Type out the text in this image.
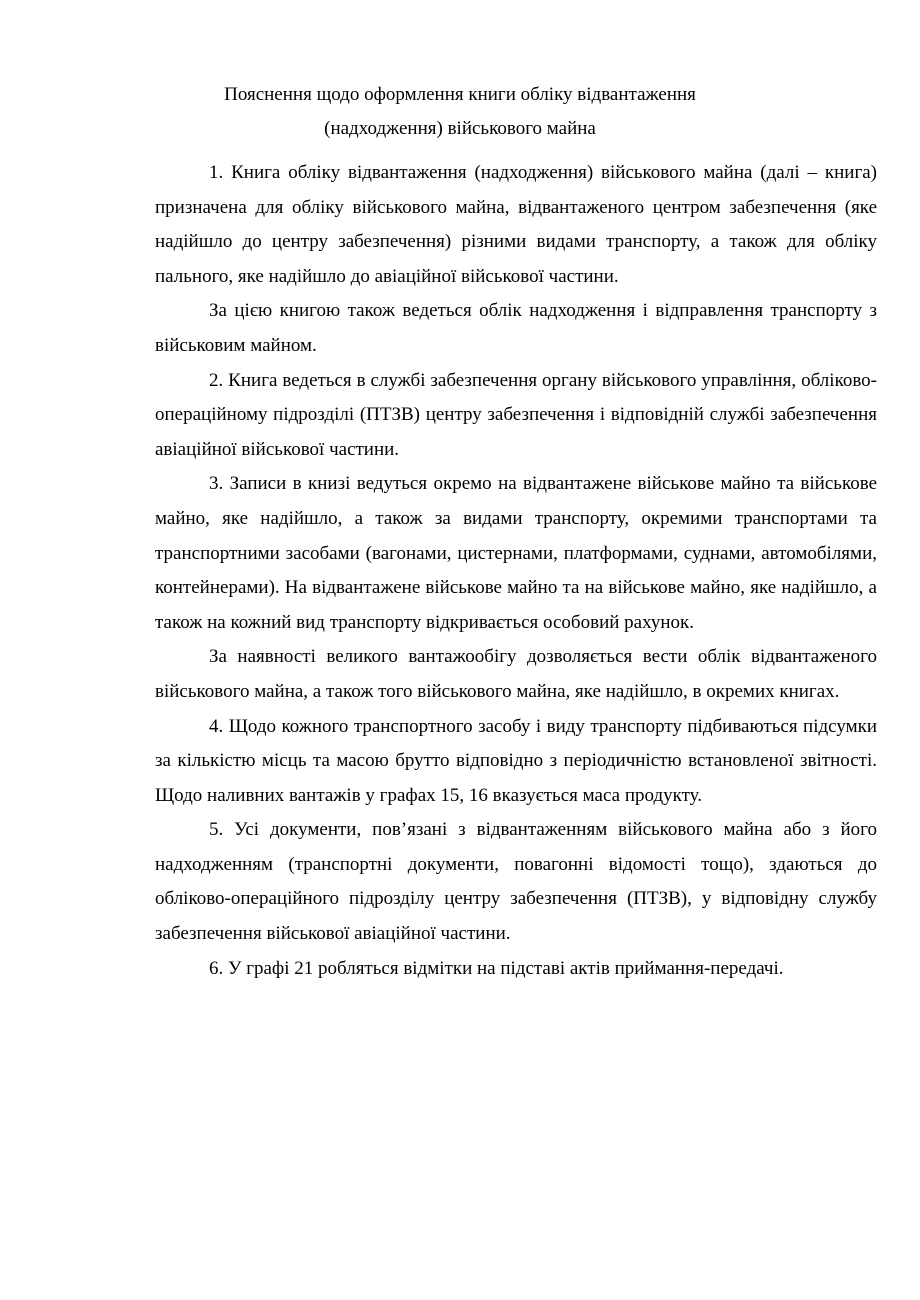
Пояснення щодо оформлення книги обліку відвантаження
(надходження) військового майна

1. Книга обліку відвантаження (надходження) військового майна (далі – книга) призначена для обліку військового майна, відвантаженого центром забезпечення (яке надійшло до центру забезпечення) різними видами транспорту, а також для обліку пального, яке надійшло до авіаційної військової частини.

За цією книгою також ведеться облік надходження і відправлення транспорту з військовим майном.

2. Книга ведеться в службі забезпечення органу військового управління, обліково-операційному підрозділі (ПТЗВ) центру забезпечення і відповідній службі забезпечення авіаційної військової частини.

3. Записи в книзі ведуться окремо на відвантажене військове майно та військове майно, яке надійшло, а також за видами транспорту, окремими транспортами та транспортними засобами (вагонами, цистернами, платформами, суднами, автомобілями, контейнерами). На відвантажене військове майно та на військове майно, яке надійшло, а також на кожний вид транспорту відкривається особовий рахунок.

За наявності великого вантажообігу дозволяється вести облік відвантаженого військового майна, а також того військового майна, яке надійшло, в окремих книгах.

4. Щодо кожного транспортного засобу і виду транспорту підбиваються підсумки за кількістю місць та масою брутто відповідно з періодичністю встановленої звітності. Щодо наливних вантажів у графах 15, 16 вказується маса продукту.

5. Усі документи, пов’язані з відвантаженням військового майна або з його надходженням (транспортні документи, повагонні відомості тощо), здаються до обліково-операційного підрозділу центру забезпечення (ПТЗВ), у відповідну службу забезпечення військової авіаційної частини.

6. У графі 21 робляться відмітки на підставі актів приймання-передачі.
